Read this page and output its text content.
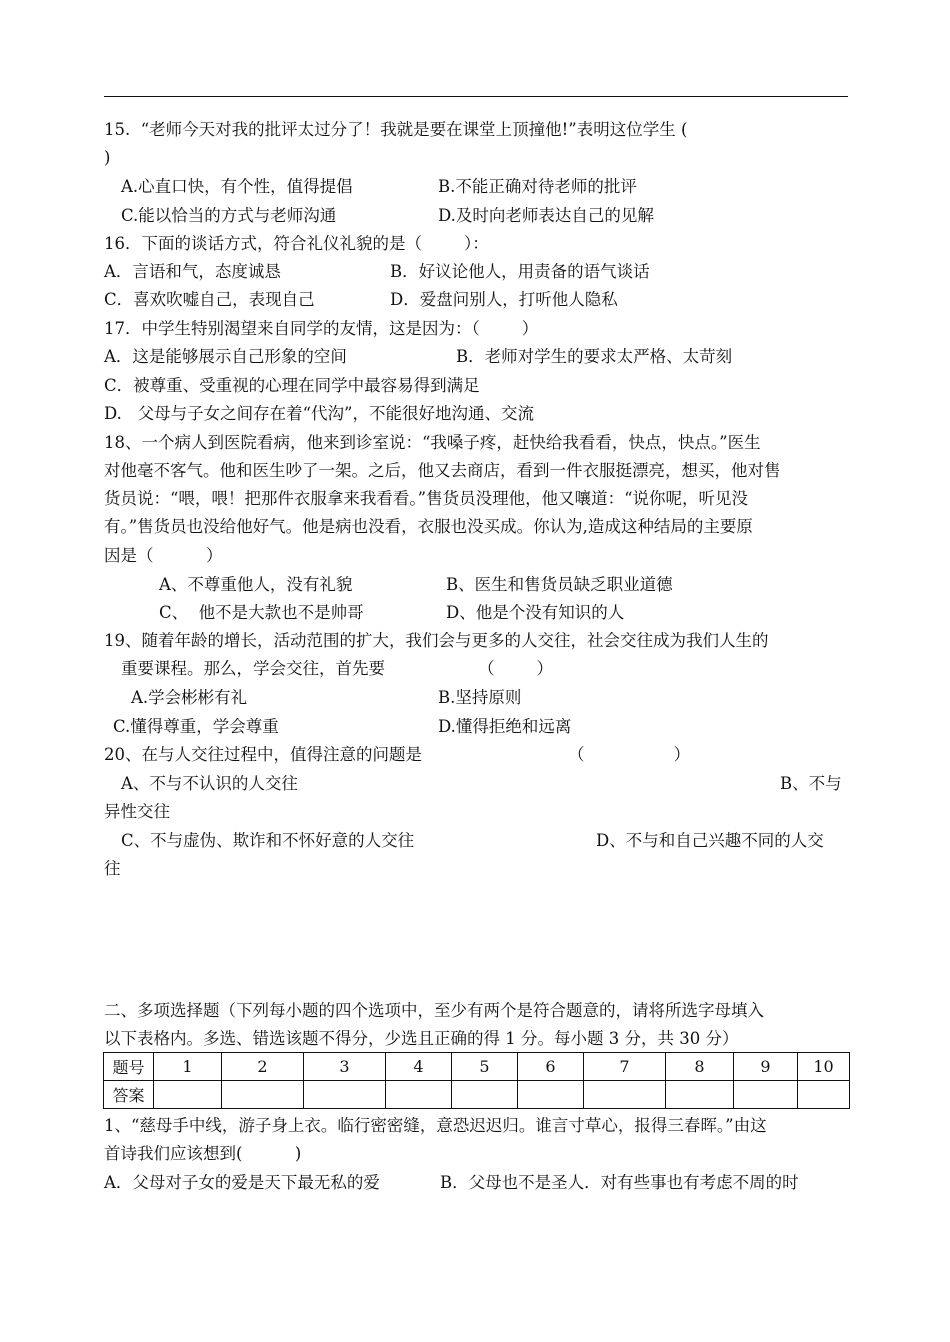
15.  “老师今天对我的批评太过分了！我就是要在课堂上顶撞他!”表明这位学生 (
)
A.心直口快，有个性，值得提倡	B.不能正确对待老师的批评
C.能以恰当的方式与老师沟通	D.及时向老师表达自己的见解
16．下面的谈话方式，符合礼仪礼貌的是（        ）：
A．言语和气，态度诚恳	B．好议论他人，用责备的语气谈话
C．喜欢吹嘘自己，表现自己	D．爱盘问别人，打听他人隐私
17．中学生特别渴望来自同学的友情，这是因为：（        ）
A．这是能够展示自己形象的空间	B．老师对学生的要求太严格、太苛刻
C．被尊重、受重视的心理在同学中最容易得到满足
D.   父母与子女之间存在着“代沟”，不能很好地沟通、交流
18、一个病人到医院看病，他来到诊室说：“我嗓子疼，赶快给我看看，快点，快点。”医生
对他毫不客气。他和医生吵了一架。之后，他又去商店，看到一件衣服挺漂亮，想买，他对售
货员说：“喂，喂！把那件衣服拿来我看看。”售货员没理他，他又嚷道：“说你呢，听见没
有。”售货员也没给他好气。他是病也没看，衣服也没买成。你认为,造成这种结局的主要原
因是（          ）
A、不尊重他人，没有礼貌	B、医生和售货员缺乏职业道德
C、  他不是大款也不是帅哥	D、他是个没有知识的人
19、随着年龄的增长，活动范围的扩大，我们会与更多的人交往，社会交往成为我们人生的
重要课程。那么，学会交往，首先要	（        ）
A.学会彬彬有礼	B.坚持原则
C.懂得尊重，学会尊重	D.懂得拒绝和远离
20、在与人交往过程中，值得注意的问题是	（                 ）
A、不与不认识的人交往	B、不与
异性交往
C、不与虚伪、欺诈和不怀好意的人交往	D、不与和自己兴趣不同的人交
往
二、多项选择题（下列每小题的四个选项中，至少有两个是符合题意的，请将所选字母填入
以下表格内。多选、错选该题不得分，少选且正确的得 1 分。每小题 3 分，共 30 分）
题号	1	2	3	4	5	6	7	8	9	10
答案										
1、“慈母手中线，游子身上衣。临行密密缝，意恐迟迟归。谁言寸草心，报得三春晖。”由这
首诗我们应该想到(          )
A．父母对子女的爱是天下最无私的爱	B．父母也不是圣人．对有些事也有考虑不周的时
